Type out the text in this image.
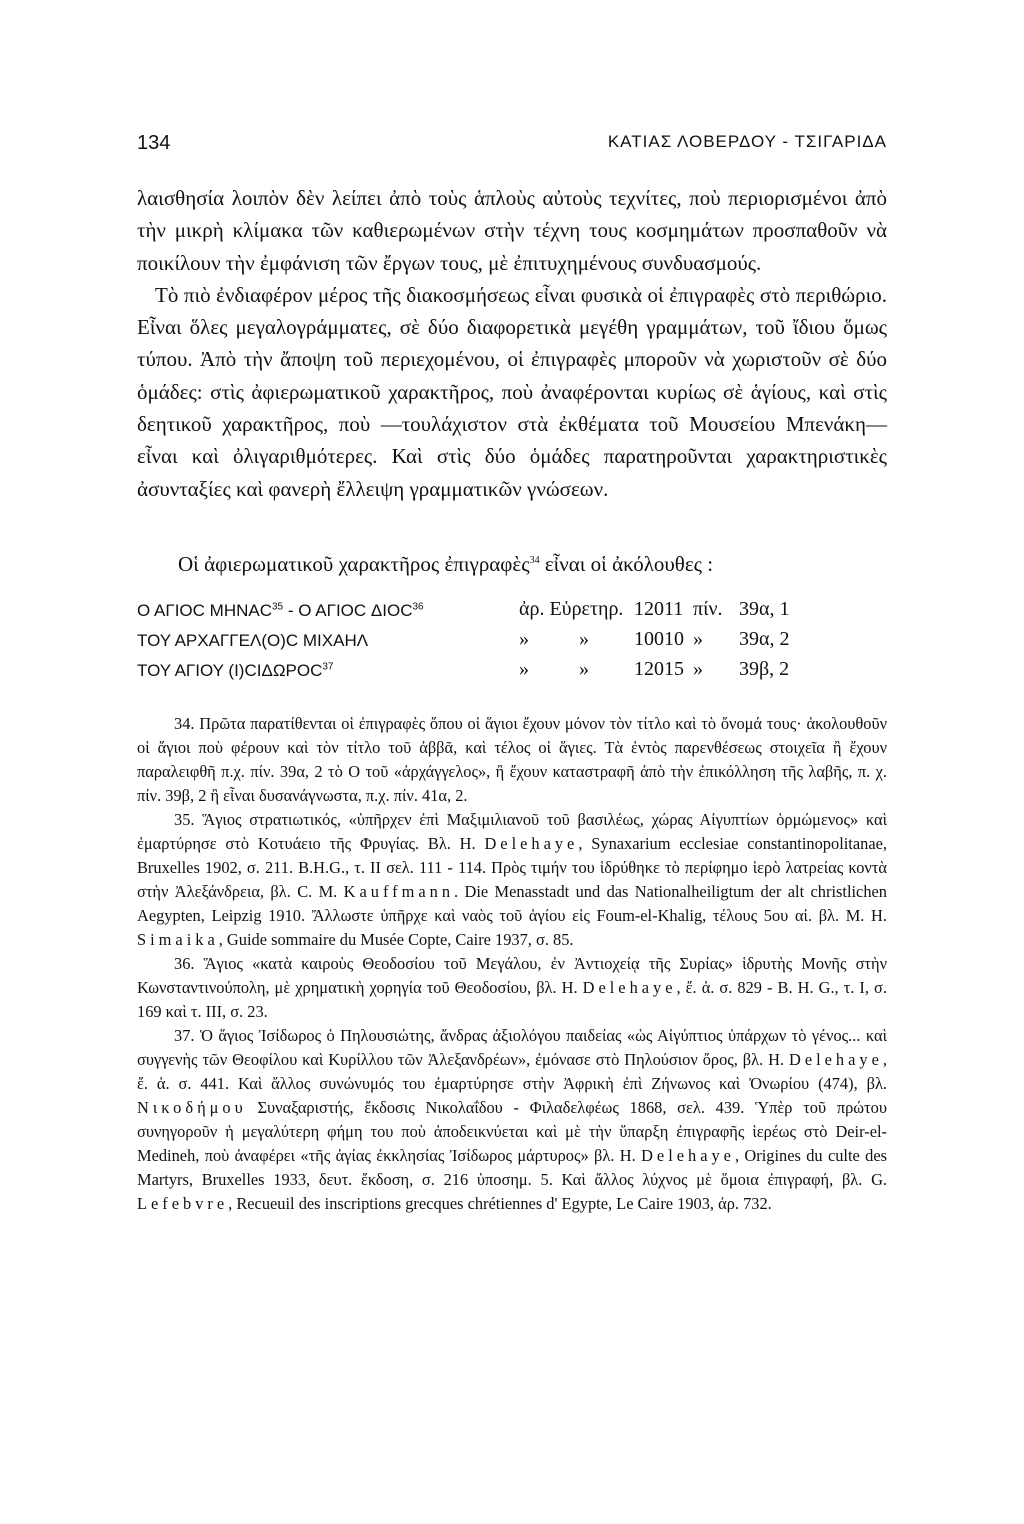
134	ΚΑΤΙΑΣ ΛΟΒΕΡΔΟΥ - ΤΣΙΓΑΡΙΔΑ

λαισθησία λοιπὸν δὲν λείπει ἀπὸ τοὺς ἁπλοὺς αὐτοὺς τεχνίτες, ποὺ περιορισμένοι ἀπὸ τὴν μικρὴ κλίμακα τῶν καθιερωμένων στὴν τέχνη τους κοσμημάτων προσπαθοῦν νὰ ποικίλουν τὴν ἐμφάνιση τῶν ἔργων τους, μὲ ἐπιτυχημένους συνδυασμούς.

Τὸ πιὸ ἐνδιαφέρον μέρος τῆς διακοσμήσεως εἶναι φυσικὰ οἱ ἐπιγραφὲς στὸ περιθώριο. Εἶναι ὅλες μεγαλογράμματες, σὲ δύο διαφορετικὰ μεγέθη γραμμάτων, τοῦ ἴδιου ὅμως τύπου. Ἀπὸ τὴν ἄποψη τοῦ περιεχομένου, οἱ ἐπιγραφὲς μποροῦν νὰ χωριστοῦν σὲ δύο ὁμάδες: στὶς ἀφιερωματικοῦ χαρακτῆρος, ποὺ ἀναφέρονται κυρίως σὲ ἁγίους, καὶ στὶς δεητικοῦ χαρακτῆρος, ποὺ —τουλάχιστον στὰ ἐκθέματα τοῦ Μουσείου Μπενάκη— εἶναι καὶ ὀλιγαριθμότερες. Καὶ στὶς δύο ὁμάδες παρατηροῦνται χαρακτηριστικὲς ἀσυνταξίες καὶ φανερὴ ἔλλειψη γραμματικῶν γνώσεων.

Οἱ ἀφιερωματικοῦ χαρακτῆρος ἐπιγραφὲς$^{34}$ εἶναι οἱ ἀκόλουθες :
Ο ΑΓΙΟC ΜΗΝΑC$^{35}$ - Ο ΑΓΙΟC ΔΙΟC$^{36}$	ἀρ. Εὑρετηρ. 12011 πίν. 39α, 1
ΤΟΥ ΑΡΧΑΓΓΕΛ(Ο)C ΜΙΧΑΗΛ	»          » 10010 » 39α, 2
ΤΟΥ ΑΓΙΟΥ (Ι)CΙΔΩΡΟC$^{37}$	»          » 12015 » 39β, 2

34. Πρῶτα παρατίθενται οἱ ἐπιγραφὲς ὅπου οἱ ἅγιοι ἔχουν μόνον τὸν τίτλο καὶ τὸ ὄνομά τους· ἀκολουθοῦν οἱ ἅγιοι ποὺ φέρουν καὶ τὸν τίτλο τοῦ ἀββᾶ, καὶ τέλος οἱ ἅγιες. Τὰ ἐντὸς παρενθέσεως στοιχεῖα ἢ ἔχουν παραλειφθῆ π.χ. πίν. 39α, 2 τὸ Ο τοῦ «ἀρχάγγελος», ἢ ἔχουν καταστραφῆ ἀπὸ τὴν ἐπικόλληση τῆς λαβῆς, π. χ. πίν. 39β, 2 ἢ εἶναι δυσανάγνωστα, π.χ. πίν. 41α, 2.

35. Ἅγιος στρατιωτικός, «ὑπῆρχεν ἐπὶ Μαξιμιλιανοῦ τοῦ βασιλέως, χώρας Αἰγυπτίων ὁρμώμενος» καὶ ἐμαρτύρησε στὸ Κοτυάειο τῆς Φρυγίας. Βλ. Η. Delehaye, Synaxarium ecclesiae constantinopolitanae, Bruxelles 1902, σ. 211. B.H.G., τ. II σελ. 111 - 114. Πρὸς τιμήν του ἱδρύθηκε τὸ περίφημο ἱερὸ λατρείας κοντὰ στὴν Ἀλεξάνδρεια, βλ. C. M. Kauffmann. Die Menasstadt und das Nationalheiligtum der alt christlichen Aegypten, Leipzig 1910. Ἄλλωστε ὑπῆρχε καὶ ναὸς τοῦ ἁγίου εἰς Foum-el-Khalig, τέλους 5ου αἰ. βλ. M. H. Simaika, Guide sommaire du Musée Copte, Caire 1937, σ. 85.

36. Ἅγιος «κατὰ καιροὺς Θεοδοσίου τοῦ Μεγάλου, ἐν Ἀντιοχείᾳ τῆς Συρίας» ἱδρυτὴς Μονῆς στὴν Κωνσταντινούπολη, μὲ χρηματικὴ χορηγία τοῦ Θεοδοσίου, βλ. Η. Delehaye, ἔ. ἀ. σ. 829 - B. H. G., τ. I, σ. 169 καὶ τ. III, σ. 23.

37. Ὁ ἅγιος Ἰσίδωρος ὁ Πηλουσιώτης, ἄνδρας ἀξιολόγου παιδείας «ὡς Αἰγύπτιος ὑπάρχων τὸ γένος... καὶ συγγενὴς τῶν Θεοφίλου καὶ Κυρίλλου τῶν Ἀλεξανδρέων», ἐμόνασε στὸ Πηλούσιον ὄρος, βλ. Η. Delehaye, ἔ. ἀ. σ. 441. Καὶ ἄλλος συνώνυμός του ἐμαρτύρησε στὴν Ἀφρικὴ ἐπὶ Ζήνωνος καὶ Ὀνωρίου (474), βλ. Νικοδήμου Συναξαριστής, ἔκδοσις Νικολαΐδου - Φιλαδελφέως 1868, σελ. 439. Ὑπὲρ τοῦ πρώτου συνηγοροῦν ἡ μεγαλύτερη φήμη του ποὺ ἀποδεικνύεται καὶ μὲ τὴν ὕπαρξη ἐπιγραφῆς ἱερέως στὸ Deir-el-Medineh, ποὺ ἀναφέρει «τῆς ἁγίας ἐκκλησίας Ἰσίδωρος μάρτυρος» βλ. Η. Delehaye, Origines du culte des Martyrs, Bruxelles 1933, δευτ. ἔκδοση, σ. 216 ὑποσημ. 5. Καὶ ἄλλος λύχνος μὲ ὅμοια ἐπιγραφή, βλ. G. Lefebvre, Recueuil des inscriptions grecques chrétiennes d' Egypte, Le Caire 1903, ἀρ. 732.
